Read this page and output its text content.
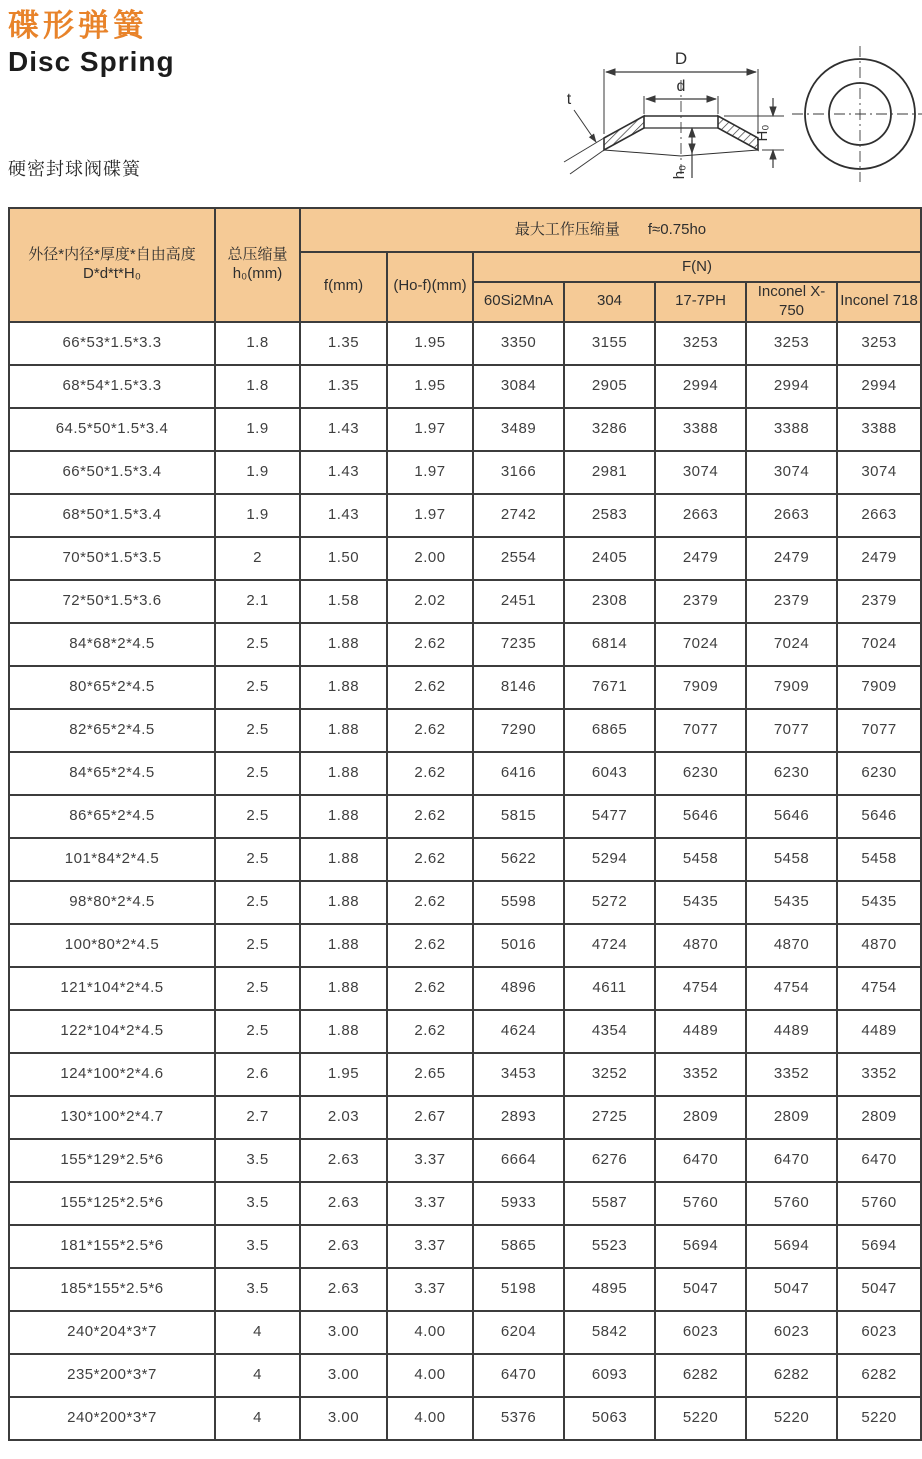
碟形弹簧
Disc Spring

硬密封球阀碟簧

D
d
t
H₀
h₀
外径*内径*厚度*自由高度
D*d*t*H₀

总压缩量
h₀(mm)
	最大工作压缩量 f≈0.75ho
		f(mm)	(Ho-f)(mm)	F(N)				
				60Si2MnA	304	17-7PH	Inconel X-750	Inconel 718
66*53*1.5*3.3	1.8	1.35	1.95	3350	3155	3253	3253	3253
68*54*1.5*3.3	1.8	1.35	1.95	3084	2905	2994	2994	2994
64.5*50*1.5*3.4	1.9	1.43	1.97	3489	3286	3388	3388	3388
66*50*1.5*3.4	1.9	1.43	1.97	3166	2981	3074	3074	3074
68*50*1.5*3.4	1.9	1.43	1.97	2742	2583	2663	2663	2663
70*50*1.5*3.5	2	1.50	2.00	2554	2405	2479	2479	2479
72*50*1.5*3.6	2.1	1.58	2.02	2451	2308	2379	2379	2379
84*68*2*4.5	2.5	1.88	2.62	7235	6814	7024	7024	7024
80*65*2*4.5	2.5	1.88	2.62	8146	7671	7909	7909	7909
82*65*2*4.5	2.5	1.88	2.62	7290	6865	7077	7077	7077
84*65*2*4.5	2.5	1.88	2.62	6416	6043	6230	6230	6230
86*65*2*4.5	2.5	1.88	2.62	5815	5477	5646	5646	5646
101*84*2*4.5	2.5	1.88	2.62	5622	5294	5458	5458	5458
98*80*2*4.5	2.5	1.88	2.62	5598	5272	5435	5435	5435
100*80*2*4.5	2.5	1.88	2.62	5016	4724	4870	4870	4870
121*104*2*4.5	2.5	1.88	2.62	4896	4611	4754	4754	4754
122*104*2*4.5	2.5	1.88	2.62	4624	4354	4489	4489	4489
124*100*2*4.6	2.6	1.95	2.65	3453	3252	3352	3352	3352
130*100*2*4.7	2.7	2.03	2.67	2893	2725	2809	2809	2809
155*129*2.5*6	3.5	2.63	3.37	6664	6276	6470	6470	6470
155*125*2.5*6	3.5	2.63	3.37	5933	5587	5760	5760	5760
181*155*2.5*6	3.5	2.63	3.37	5865	5523	5694	5694	5694
185*155*2.5*6	3.5	2.63	3.37	5198	4895	5047	5047	5047
240*204*3*7	4	3.00	4.00	6204	5842	6023	6023	6023
235*200*3*7	4	3.00	4.00	6470	6093	6282	6282	6282
240*200*3*7	4	3.00	4.00	5376	5063	5220	5220	5220
